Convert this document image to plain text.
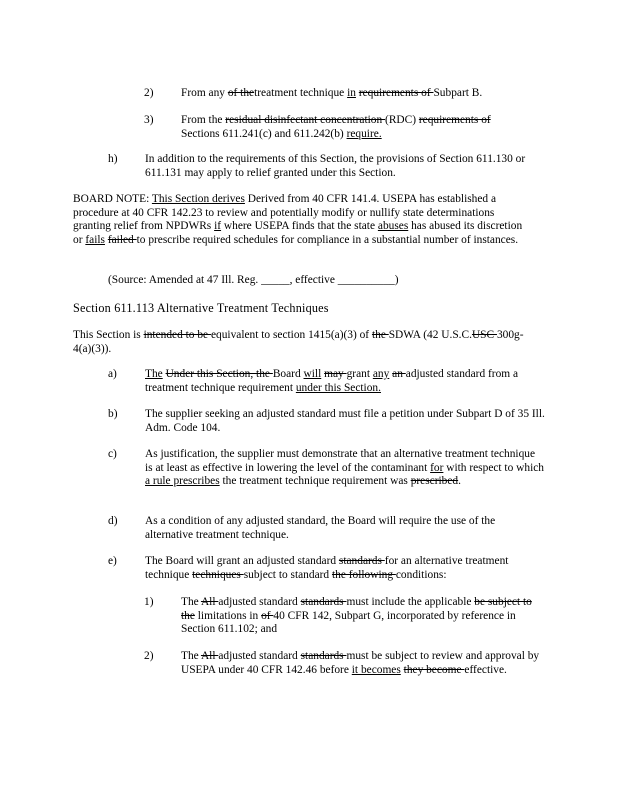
2) From any of thetreatment technique in requirements of Subpart B.
3) From the residual disinfectant concentration (RDC) requirements of Sections 611.241(c) and 611.242(b) require.
h) In addition to the requirements of this Section, the provisions of Section 611.130 or 611.131 may apply to relief granted under this Section.
BOARD NOTE: This Section derives Derived from 40 CFR 141.4. USEPA has established a procedure at 40 CFR 142.23 to review and potentially modify or nullify state determinations granting relief from NPDWRs if where USEPA finds that the state abuses has abused its discretion or fails failed to prescribe required schedules for compliance in a substantial number of instances.
(Source: Amended at 47 Ill. Reg. _____, effective __________)
Section 611.113 Alternative Treatment Techniques
This Section is intended to be equivalent to section 1415(a)(3) of the SDWA (42 U.S.C.USC 300g-4(a)(3)).
a) The Under this Section, the Board will may grant any an adjusted standard from a treatment technique requirement under this Section.
b) The supplier seeking an adjusted standard must file a petition under Subpart D of 35 Ill. Adm. Code 104.
c) As justification, the supplier must demonstrate that an alternative treatment technique is at least as effective in lowering the level of the contaminant for with respect to which a rule prescribes the treatment technique requirement was prescribed.
d) As a condition of any adjusted standard, the Board will require the use of the alternative treatment technique.
e) The Board will grant an adjusted standard standards for an alternative treatment technique techniques subject to standard the following conditions:
1) The All adjusted standard standards must include the applicable be subject to the limitations in of 40 CFR 142, Subpart G, incorporated by reference in Section 611.102; and
2) The All adjusted standard standards must be subject to review and approval by USEPA under 40 CFR 142.46 before it becomes they become effective.
